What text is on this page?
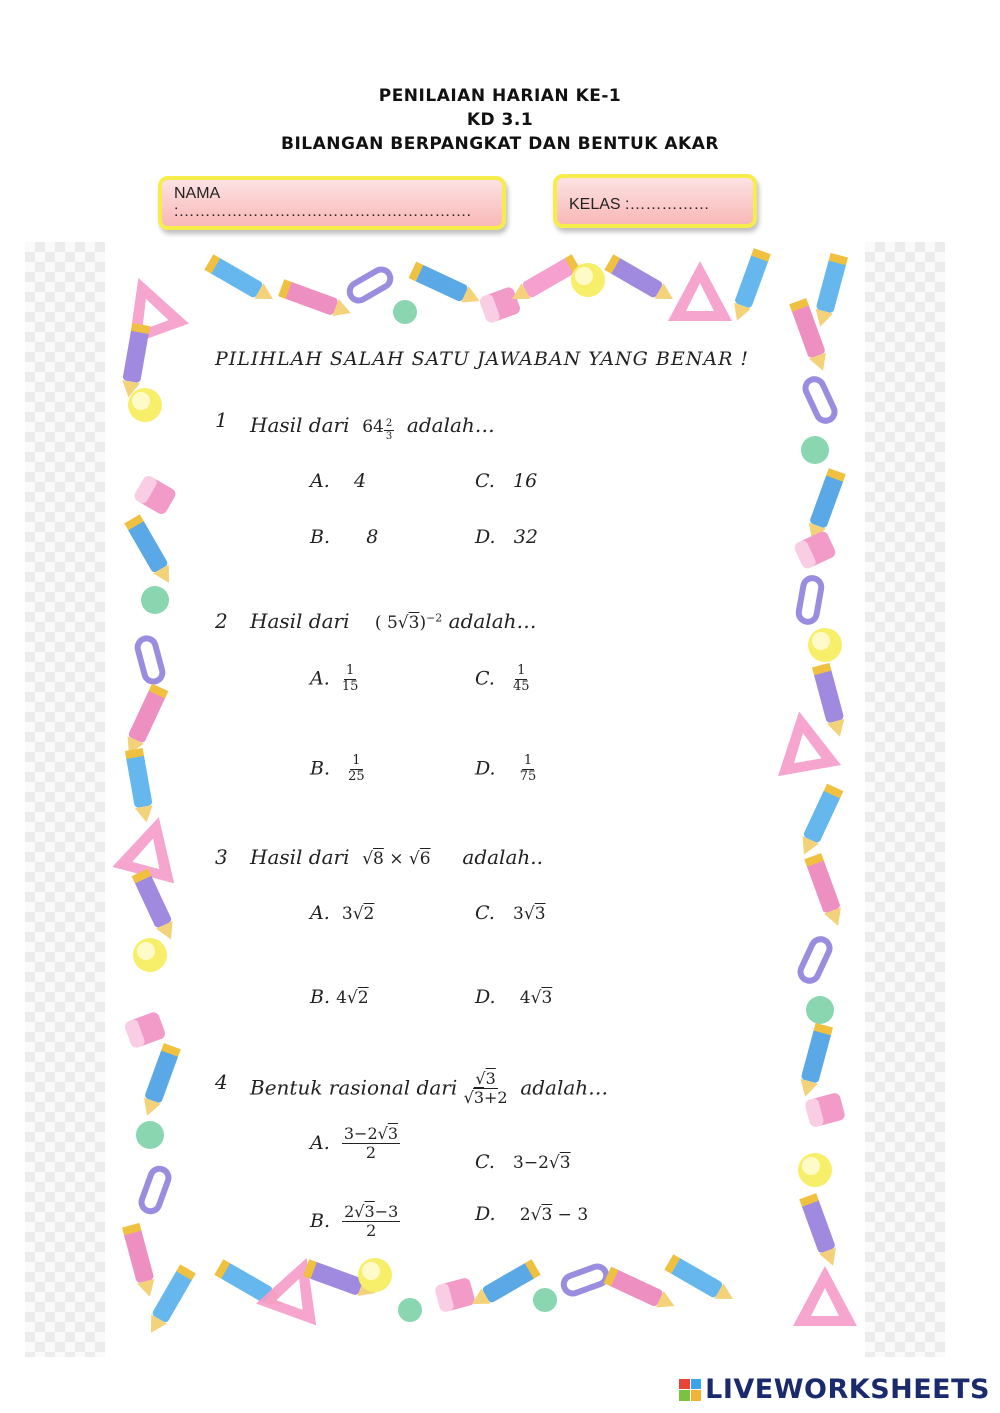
PENILAIAN HARIAN KE-1
KD 3.1
BILANGAN BERPANGKAT DAN BENTUK AKAR
NAMA :……………………………………………….	KELAS :……………
PILIHLAH SALAH SATU JAWABAN YANG BENAR !
1 Hasil dari $64 \frac{2}{3}$ adalah…
A. 4	C. 16
B. 8	D. 32
2 Hasil dari ( 5√3)$^{-2}$ adalah…
A. $\frac{1}{15}$	C. $\frac{1}{45}$
B. $\frac{1}{25}$	D. $\frac{1}{75}$
3 Hasil dari √8 × √6 adalah..
A. 3√2	C. 3√3
B. 4√2	D. 4√3
4 Bentuk rasional dari $\frac{√3}{√3+2}$ adalah…
A. $\frac{3-2√3}{2}$	C. 3−2√3
B. $\frac{2√3-3}{2}$	D. 2√3 − 3
LIVEWORKSHEETS
